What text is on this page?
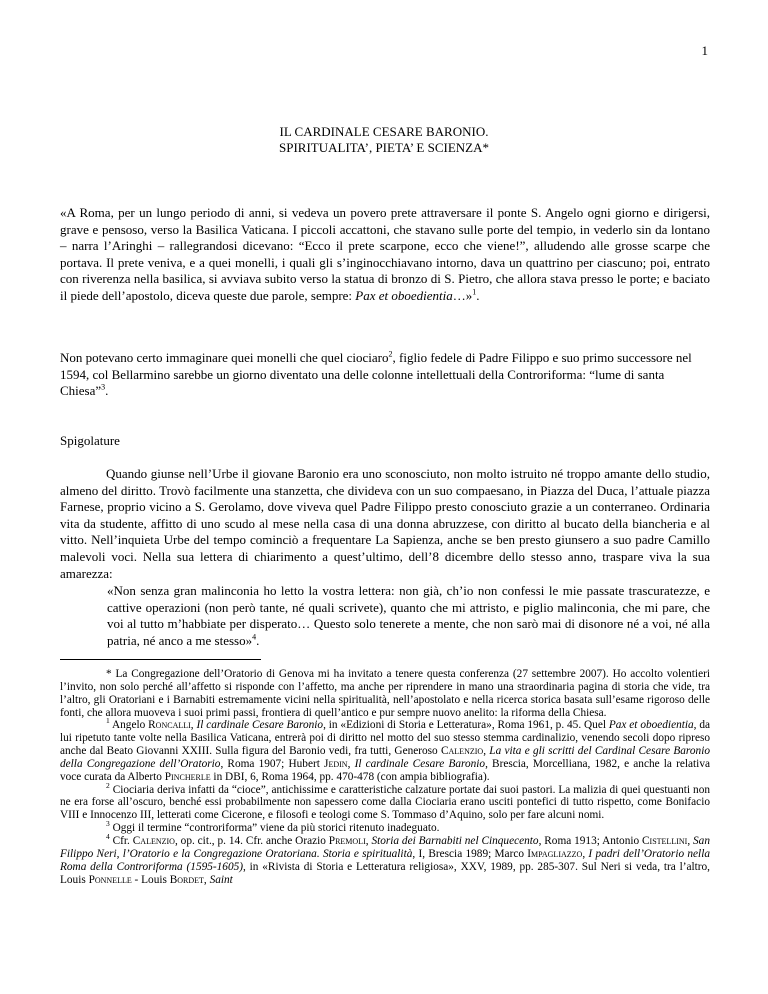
1
IL CARDINALE CESARE BARONIO.
SPIRITUALITA’, PIETA’ E SCIENZA*

«A Roma, per un lungo periodo di anni, si vedeva un povero prete attraversare il ponte S. Angelo ogni giorno e dirigersi, grave e pensoso, verso la Basilica Vaticana. I piccoli accattoni, che stavano sulle porte del tempio, in vederlo sin da lontano – narra l’Aringhi – rallegrandosi dicevano: “Ecco il prete scarpone, ecco che viene!”, alludendo alle grosse scarpe che portava. Il prete veniva, e a quei monelli, i quali gli s’inginocchiavano intorno, dava un quattrino per ciascuno; poi, entrato con riverenza nella basilica, si avviava subito verso la statua di bronzo di S. Pietro, che allora stava presso le porte; e baciato il piede dell’apostolo, diceva queste due parole, sempre: Pax et oboedientia…»$^1$.

Non potevano certo immaginare quei monelli che quel ciociaro$^2$, figlio fedele di Padre Filippo e suo primo successore nel 1594, col Bellarmino sarebbe un giorno diventato una delle colonne intellettuali della Controriforma: “lume di santa Chiesa”$^3$.

Spigolature

Quando giunse nell’Urbe il giovane Baronio era uno sconosciuto, non molto istruito né troppo amante dello studio, almeno del diritto. Trovò facilmente una stanzetta, che divideva con un suo compaesano, in Piazza del Duca, l’attuale piazza Farnese, proprio vicino a S. Gerolamo, dove viveva quel Padre Filippo presto conosciuto grazie a un conterraneo. Ordinaria vita da studente, affitto di uno scudo al mese nella casa di una donna abruzzese, con diritto al bucato della biancheria e al vitto. Nell’inquieta Urbe del tempo cominciò a frequentare La Sapienza, anche se ben presto giunsero a suo padre Camillo malevoli voci. Nella sua lettera di chiarimento a quest’ultimo, dell’8 dicembre dello stesso anno, traspare viva la sua amarezza:

«Non senza gran malinconia ho letto la vostra lettera: non già, ch’io non confessi le mie passate trascuratezze, e cattive operazioni (non però tante, né quali scrivete), quanto che mi attristo, e piglio malinconia, che mi pare, che voi al tutto m’habbiate per disperato… Questo solo tenerete a mente, che non sarò mai di disonore né a voi, né alla patria, né anco a me stesso»$^4$.

* La Congregazione dell’Oratorio di Genova mi ha invitato a tenere questa conferenza (27 settembre 2007). Ho accolto volentieri l’invito, non solo perché all’affetto si risponde con l’affetto, ma anche per riprendere in mano una straordinaria pagina di storia che vide, tra l’altro, gli Oratoriani e i Barnabiti estremamente vicini nella spiritualità, nell’apostolato e nella ricerca storica basata sull’esame rigoroso delle fonti, che allora muoveva i suoi primi passi, frontiera di quell’antico e pur sempre nuovo anelito: la riforma della Chiesa.

$^1$ Angelo Roncalli, Il cardinale Cesare Baronio, in «Edizioni di Storia e Letteratura», Roma 1961, p. 45. Quel Pax et oboedientia, da lui ripetuto tante volte nella Basilica Vaticana, entrerà poi di diritto nel motto del suo stesso stemma cardinalizio, venendo secoli dopo ripreso anche dal Beato Giovanni XXIII. Sulla figura del Baronio vedi, fra tutti, Generoso Calenzio, La vita e gli scritti del Cardinal Cesare Baronio della Congregazione dell’Oratorio, Roma 1907; Hubert Jedin, Il cardinale Cesare Baronio, Brescia, Morcelliana, 1982, e anche la relativa voce curata da Alberto Pincherle in DBI, 6, Roma 1964, pp. 470-478 (con ampia bibliografia).

$^2$ Ciociaria deriva infatti da “cioce”, antichissime e caratteristiche calzature portate dai suoi pastori. La malizia di quei questuanti non ne era forse all’oscuro, benché essi probabilmente non sapessero come dalla Ciociaria erano usciti pontefici di tutto rispetto, come Bonifacio VIII e Innocenzo III, letterati come Cicerone, e filosofi e teologi come S. Tommaso d’Aquino, solo per fare alcuni nomi.

$^3$ Oggi il termine “controriforma” viene da più storici ritenuto inadeguato.

$^4$ Cfr. Calenzio, op. cit., p. 14. Cfr. anche Orazio Premoli, Storia dei Barnabiti nel Cinquecento, Roma 1913; Antonio Cistellini, San Filippo Neri, l’Oratorio e la Congregazione Oratoriana. Storia e spiritualità, I, Brescia 1989; Marco Impagliazzo, I padri dell’Oratorio nella Roma della Controriforma (1595-1605), in «Rivista di Storia e Letteratura religiosa», XXV, 1989, pp. 285-307. Sul Neri si veda, tra l’altro, Louis Ponnelle - Louis Bordet, Saint
